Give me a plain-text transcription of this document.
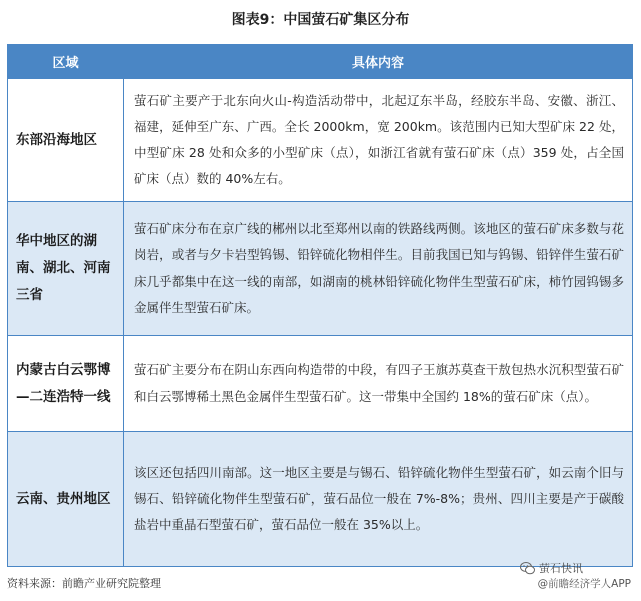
图表9：中国萤石矿集区分布
区域	具体内容
东部沿海地区
萤石矿主要产于北东向火山-构造活动带中，北起辽东半岛，经胶东半岛、安徽、浙江、福建，延伸至广东、广西。全长 2000km，宽 200km。该范围内已知大型矿床 22 处，中型矿床 28 处和众多的小型矿床（点），如浙江省就有萤石矿床（点）359 处，占全国矿床（点）数的 40%左右。
华中地区的湖南、湖北、河南三省
萤石矿床分布在京广线的郴州以北至郑州以南的铁路线两侧。该地区的萤石矿床多数与花岗岩，或者与夕卡岩型钨锡、铅锌硫化物相伴生。目前我国已知与钨锡、铅锌伴生萤石矿床几乎都集中在这一线的南部，如湖南的桃林铅锌硫化物伴生型萤石矿床，柿竹园钨锡多金属伴生型萤石矿床。
内蒙古白云鄂博—二连浩特一线
萤石矿主要分布在阴山东西向构造带的中段，有四子王旗苏莫查干敖包热水沉积型萤石矿和白云鄂博稀土黑色金属伴生型萤石矿。这一带集中全国约 18%的萤石矿床（点）。
云南、贵州地区
该区还包括四川南部。这一地区主要是与锡石、铅锌硫化物伴生型萤石矿，如云南个旧与锡石、铅锌硫化物伴生型萤石矿，萤石品位一般在 7%-8%；贵州、四川主要是产于碳酸盐岩中重晶石型萤石矿，萤石品位一般在 35%以上。
萤石快讯
资料来源：前瞻产业研究院整理	@前瞻经济学人APP
